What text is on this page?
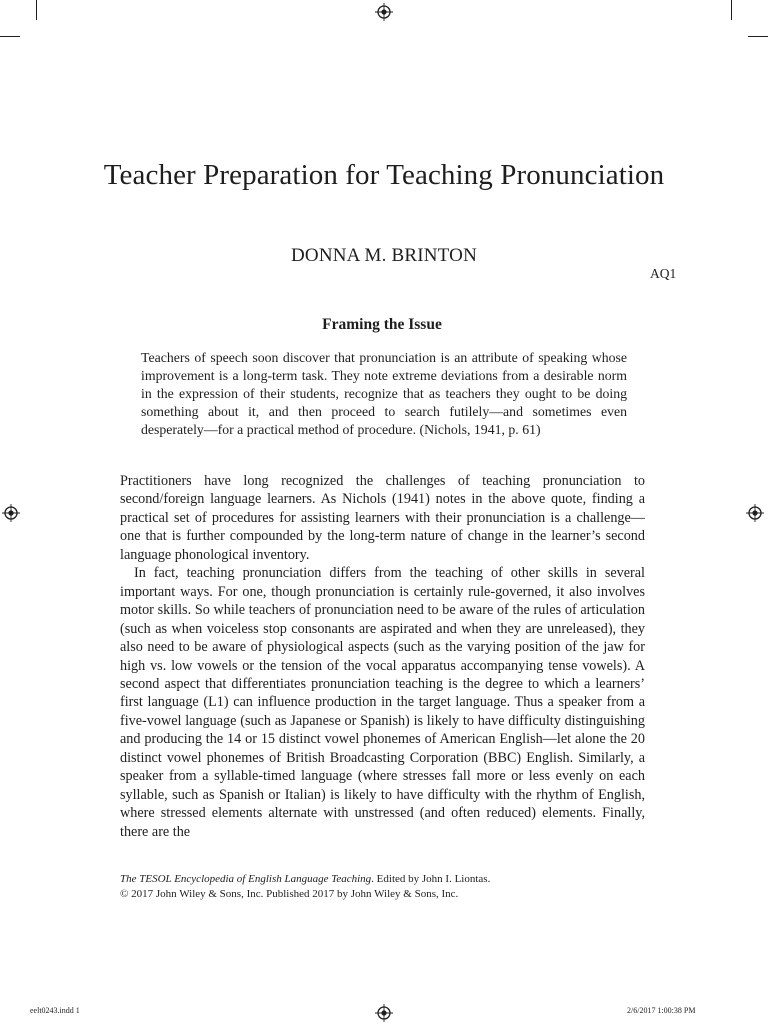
Teacher Preparation for Teaching Pronunciation
DONNA M. BRINTON
AQ1
Framing the Issue
Teachers of speech soon discover that pronunciation is an attribute of speaking whose improvement is a long-term task. They note extreme deviations from a desirable norm in the expression of their students, recognize that as teachers they ought to be doing something about it, and then proceed to search futilely—and sometimes even desperately—for a practical method of procedure. (Nichols, 1941, p. 61)

Practitioners have long recognized the challenges of teaching pronunciation to second/foreign language learners. As Nichols (1941) notes in the above quote, finding a practical set of procedures for assisting learners with their pronunciation is a challenge—one that is further compounded by the long-term nature of change in the learner’s second language phonological inventory.

In fact, teaching pronunciation differs from the teaching of other skills in several important ways. For one, though pronunciation is certainly rule-governed, it also involves motor skills. So while teachers of pronunciation need to be aware of the rules of articulation (such as when voiceless stop consonants are aspirated and when they are unreleased), they also need to be aware of physiological aspects (such as the varying position of the jaw for high vs. low vowels or the tension of the vocal apparatus accompanying tense vowels). A second aspect that differentiates pronunciation teaching is the degree to which a learners’ first language (L1) can influence production in the target language. Thus a speaker from a five-vowel language (such as Japanese or Spanish) is likely to have difficulty distinguishing and producing the 14 or 15 distinct vowel phonemes of American English—let alone the 20 distinct vowel phonemes of British Broadcasting Corporation (BBC) English. Similarly, a speaker from a syllable-timed language (where stresses fall more or less evenly on each syllable, such as Spanish or Italian) is likely to have difficulty with the rhythm of English, where stressed elements alternate with unstressed (and often reduced) elements. Finally, there are the

The TESOL Encyclopedia of English Language Teaching. Edited by John I. Liontas.
© 2017 John Wiley & Sons, Inc. Published 2017 by John Wiley & Sons, Inc.
eelt0243.indd 1	2/6/2017 1:00:38 PM
